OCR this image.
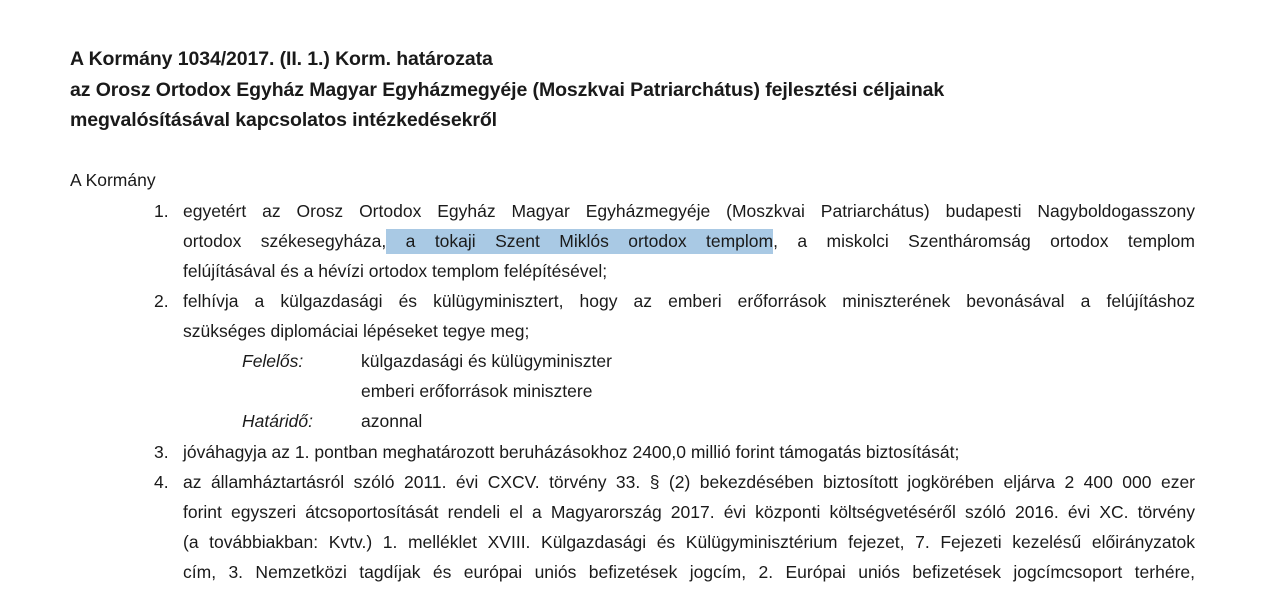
A Kormány 1034/2017. (II. 1.) Korm. határozata
az Orosz Ortodox Egyház Magyar Egyházmegyéje (Moszkvai Patriarchátus) fejlesztési céljainak
megvalósításával kapcsolatos intézkedésekről
A Kormány
1. egyetért az Orosz Ortodox Egyház Magyar Egyházmegyéje (Moszkvai Patriarchátus) budapesti Nagyboldogasszony
ortodox székesegyháza, a tokaji Szent Miklós ortodox templom, a miskolci Szentháromság ortodox templom
felújításával és a hévízi ortodox templom felépítésével;
2. felhívja a külgazdasági és külügyminisztert, hogy az emberi erőforrások miniszterének bevonásával a felújításhoz
szükséges diplomáciai lépéseket tegye meg;
Felelős:	külgazdasági és külügyminiszter
emberi erőforrások minisztere
Határidő:	azonnal
3. jóváhagyja az 1. pontban meghatározott beruházásokhoz 2400,0 millió forint támogatás biztosítását;
4. az államháztartásról szóló 2011. évi CXCV. törvény 33. § (2) bekezdésében biztosított jogkörében eljárva 2 400 000 ezer
forint egyszeri átcsoportosítását rendeli el a Magyarország 2017. évi központi költségvetéséről szóló 2016. évi XC. törvény
(a továbbiakban: Kvtv.) 1. melléklet XVIII. Külgazdasági és Külügyminisztérium fejezet, 7. Fejezeti kezelésű előirányzatok
cím, 3. Nemzetközi tagdíjak és európai uniós befizetések jogcím, 2. Európai uniós befizetések jogcímcsoport terhére,
